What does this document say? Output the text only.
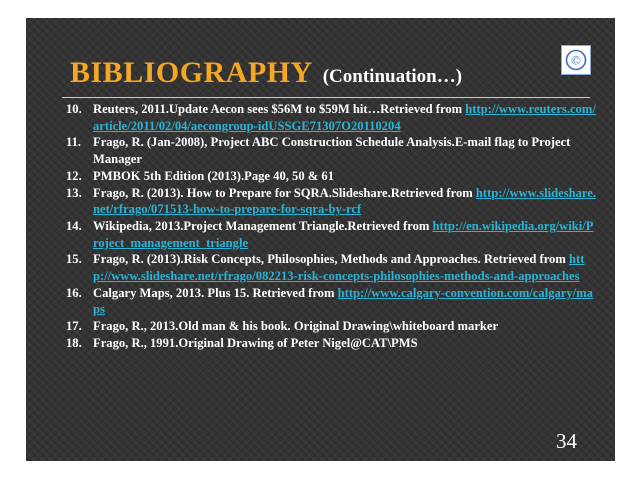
BIBLIOGRAPHY (Continuation…)
©
10. Reuters, 2011.Update Aecon sees $56M to $59M hit…Retrieved from http://www.reuters.com/article/2011/02/04/aecongroup-idUSSGE71307O20110204
11. Frago, R. (Jan-2008), Project ABC Construction Schedule Analysis.E-mail flag to Project Manager
12. PMBOK 5th Edition (2013).Page 40, 50 & 61
13. Frago, R. (2013). How to Prepare for SQRA.Slideshare.Retrieved from http://www.slideshare.net/rfrago/071513-how-to-prepare-for-sqra-by-rcf
14. Wikipedia, 2013.Project Management Triangle.Retrieved from http://en.wikipedia.org/wiki/Project_management_triangle
15. Frago, R. (2013).Risk Concepts, Philosophies, Methods and Approaches. Retrieved from http://www.slideshare.net/rfrago/082213-risk-concepts-philosophies-methods-and-approaches
16. Calgary Maps, 2013. Plus 15. Retrieved from http://www.calgary-convention.com/calgary/maps
17. Frago, R., 2013.Old man & his book. Original Drawing\whiteboard marker
18. Frago, R., 1991.Original Drawing of Peter Nigel@CAT\PMS
34
